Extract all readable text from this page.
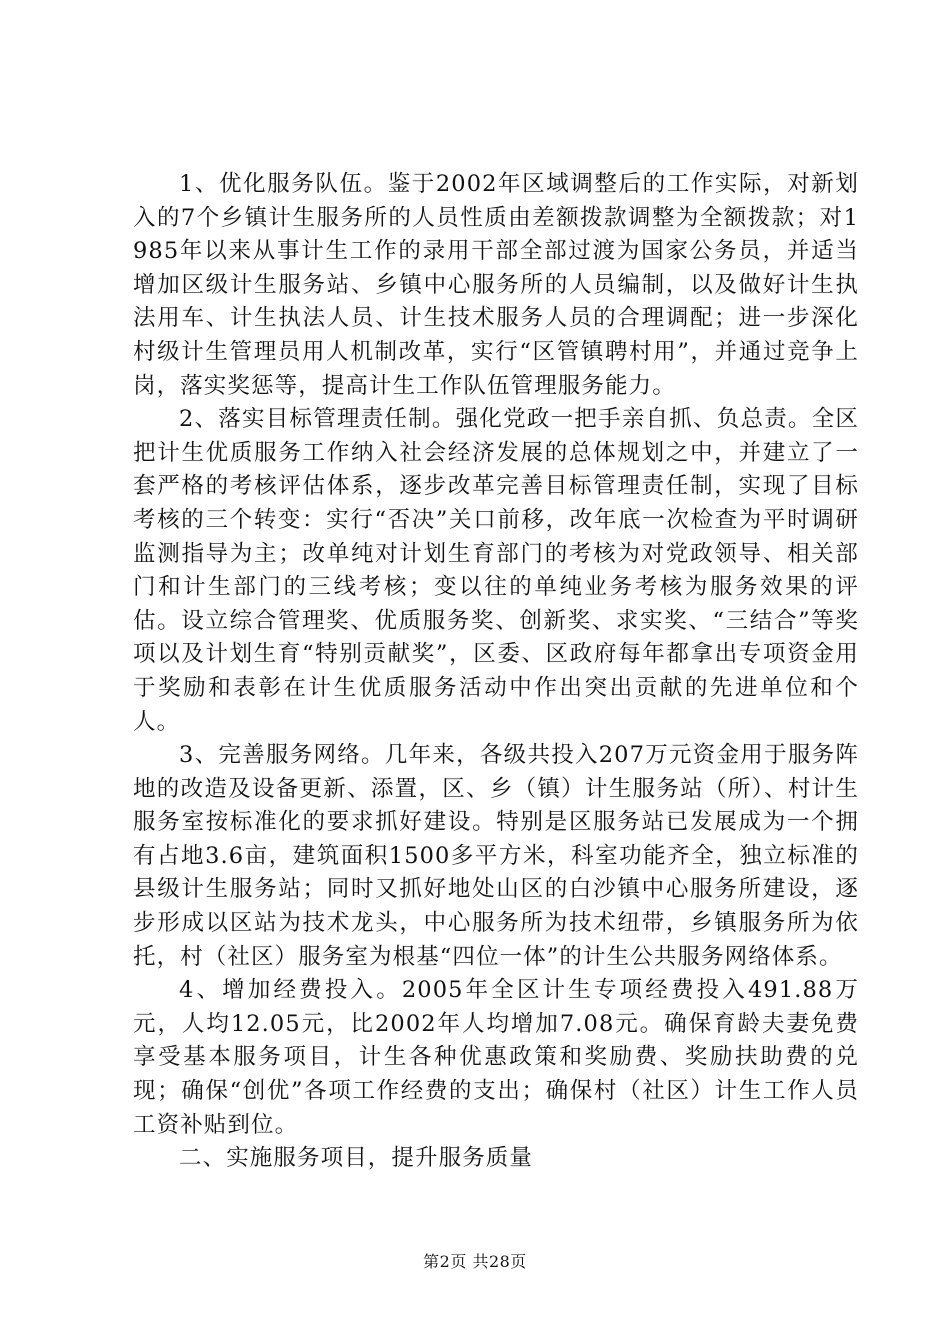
1、优化服务队伍。鉴于2002年区域调整后的工作实际，对新划入的7个乡镇计生服务所的人员性质由差额拨款调整为全额拨款；对1985年以来从事计生工作的录用干部全部过渡为国家公务员，并适当增加区级计生服务站、乡镇中心服务所的人员编制，以及做好计生执法用车、计生执法人员、计生技术服务人员的合理调配；进一步深化村级计生管理员用人机制改革，实行“区管镇聘村用”，并通过竞争上岗，落实奖惩等，提高计生工作队伍管理服务能力。

2、落实目标管理责任制。强化党政一把手亲自抓、负总责。全区把计生优质服务工作纳入社会经济发展的总体规划之中，并建立了一套严格的考核评估体系，逐步改革完善目标管理责任制，实现了目标考核的三个转变：实行“否决”关口前移，改年底一次检查为平时调研监测指导为主；改单纯对计划生育部门的考核为对党政领导、相关部门和计生部门的三线考核；变以往的单纯业务考核为服务效果的评估。设立综合管理奖、优质服务奖、创新奖、求实奖、“三结合”等奖项以及计划生育“特别贡献奖”，区委、区政府每年都拿出专项资金用于奖励和表彰在计生优质服务活动中作出突出贡献的先进单位和个人。

3、完善服务网络。几年来，各级共投入207万元资金用于服务阵地的改造及设备更新、添置，区、乡（镇）计生服务站（所）、村计生服务室按标准化的要求抓好建设。特别是区服务站已发展成为一个拥有占地3.6亩，建筑面积1500多平方米，科室功能齐全，独立标准的县级计生服务站；同时又抓好地处山区的白沙镇中心服务所建设，逐步形成以区站为技术龙头，中心服务所为技术纽带，乡镇服务所为依托，村（社区）服务室为根基“四位一体”的计生公共服务网络体系。

4、增加经费投入。2005年全区计生专项经费投入491.88万元，人均12.05元，比2002年人均增加7.08元。确保育龄夫妻免费享受基本服务项目，计生各种优惠政策和奖励费、奖励扶助费的兑现；确保“创优”各项工作经费的支出；确保村（社区）计生工作人员工资补贴到位。

二、实施服务项目，提升服务质量

第2页 共28页
